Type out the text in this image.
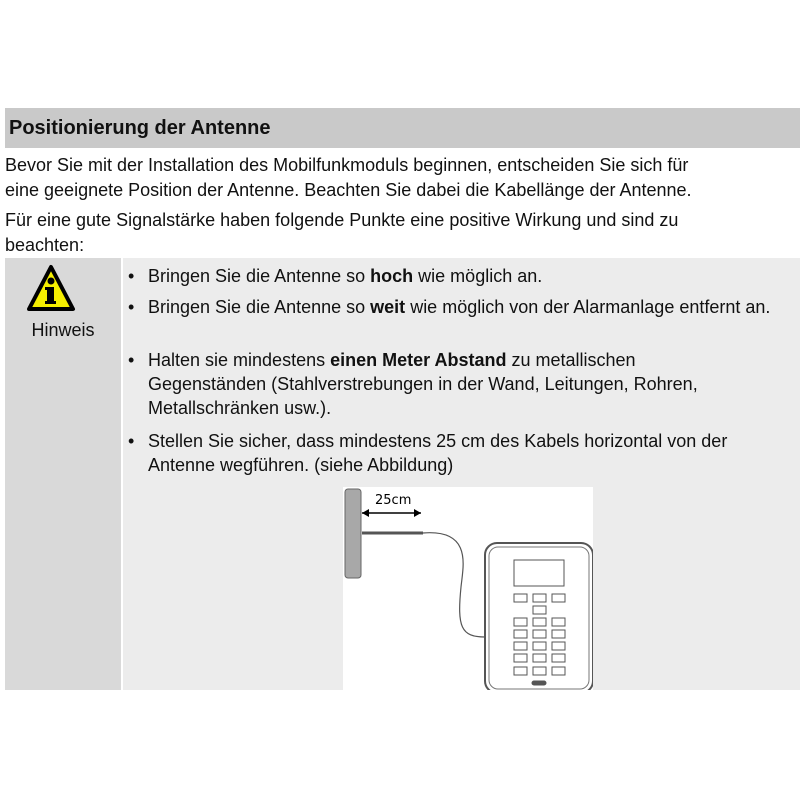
Positionierung der Antenne
Bevor Sie mit der Installation des Mobilfunkmoduls beginnen, entscheiden Sie sich für
eine geeignete Position der Antenne. Beachten Sie dabei die Kabellänge der Antenne.
Für eine gute Signalstärke haben folgende Punkte eine positive Wirkung und sind zu
beachten:
Hinweis
• Bringen Sie die Antenne so hoch wie möglich an.
• Bringen Sie die Antenne so weit wie möglich von der Alarmanlage entfernt an.
• Halten sie mindestens einen Meter Abstand zu metallischen Gegenständen (Stahlverstrebungen in der Wand, Leitungen, Rohren, Metallschränken usw.).
• Stellen Sie sicher, dass mindestens 25 cm des Kabels horizontal von der Antenne wegführen. (siehe Abbildung)
25cm
